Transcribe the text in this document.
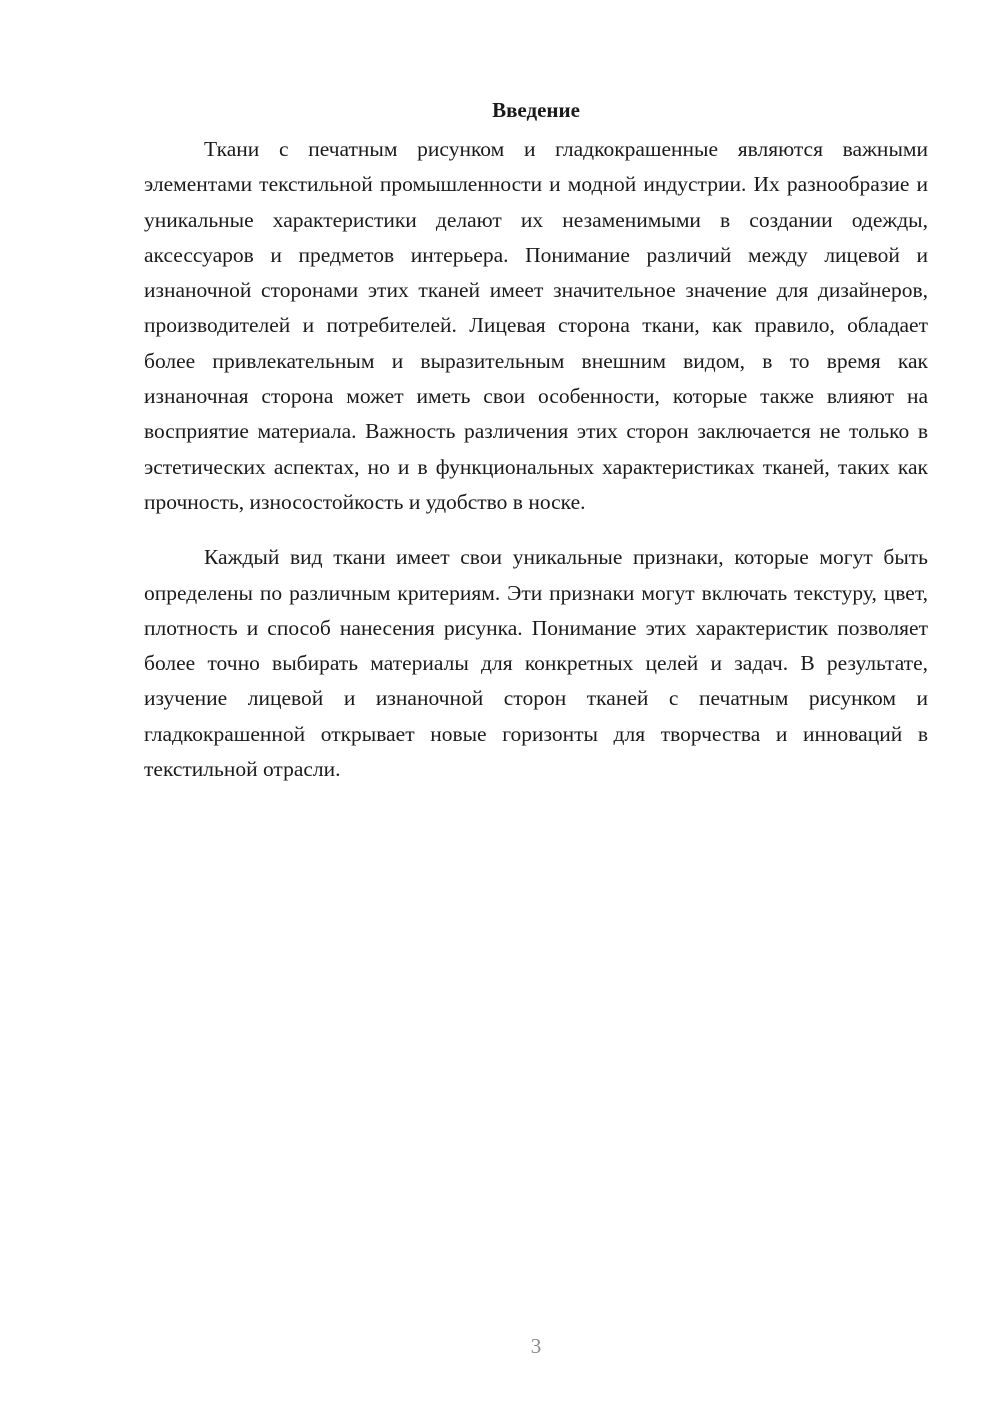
Введение

Ткани с печатным рисунком и гладкокрашенные являются важными элементами текстильной промышленности и модной индустрии. Их разнообразие и уникальные характеристики делают их незаменимыми в создании одежды, аксессуаров и предметов интерьера. Понимание различий между лицевой и изнаночной сторонами этих тканей имеет значительное значение для дизайнеров, производителей и потребителей. Лицевая сторона ткани, как правило, обладает более привлекательным и выразительным внешним видом, в то время как изнаночная сторона может иметь свои особенности, которые также влияют на восприятие материала. Важность различения этих сторон заключается не только в эстетических аспектах, но и в функциональных характеристиках тканей, таких как прочность, износостойкость и удобство в носке.

Каждый вид ткани имеет свои уникальные признаки, которые могут быть определены по различным критериям. Эти признаки могут включать текстуру, цвет, плотность и способ нанесения рисунка. Понимание этих характеристик позволяет более точно выбирать материалы для конкретных целей и задач. В результате, изучение лицевой и изнаночной сторон тканей с печатным рисунком и гладкокрашенной открывает новые горизонты для творчества и инноваций в текстильной отрасли.

3
